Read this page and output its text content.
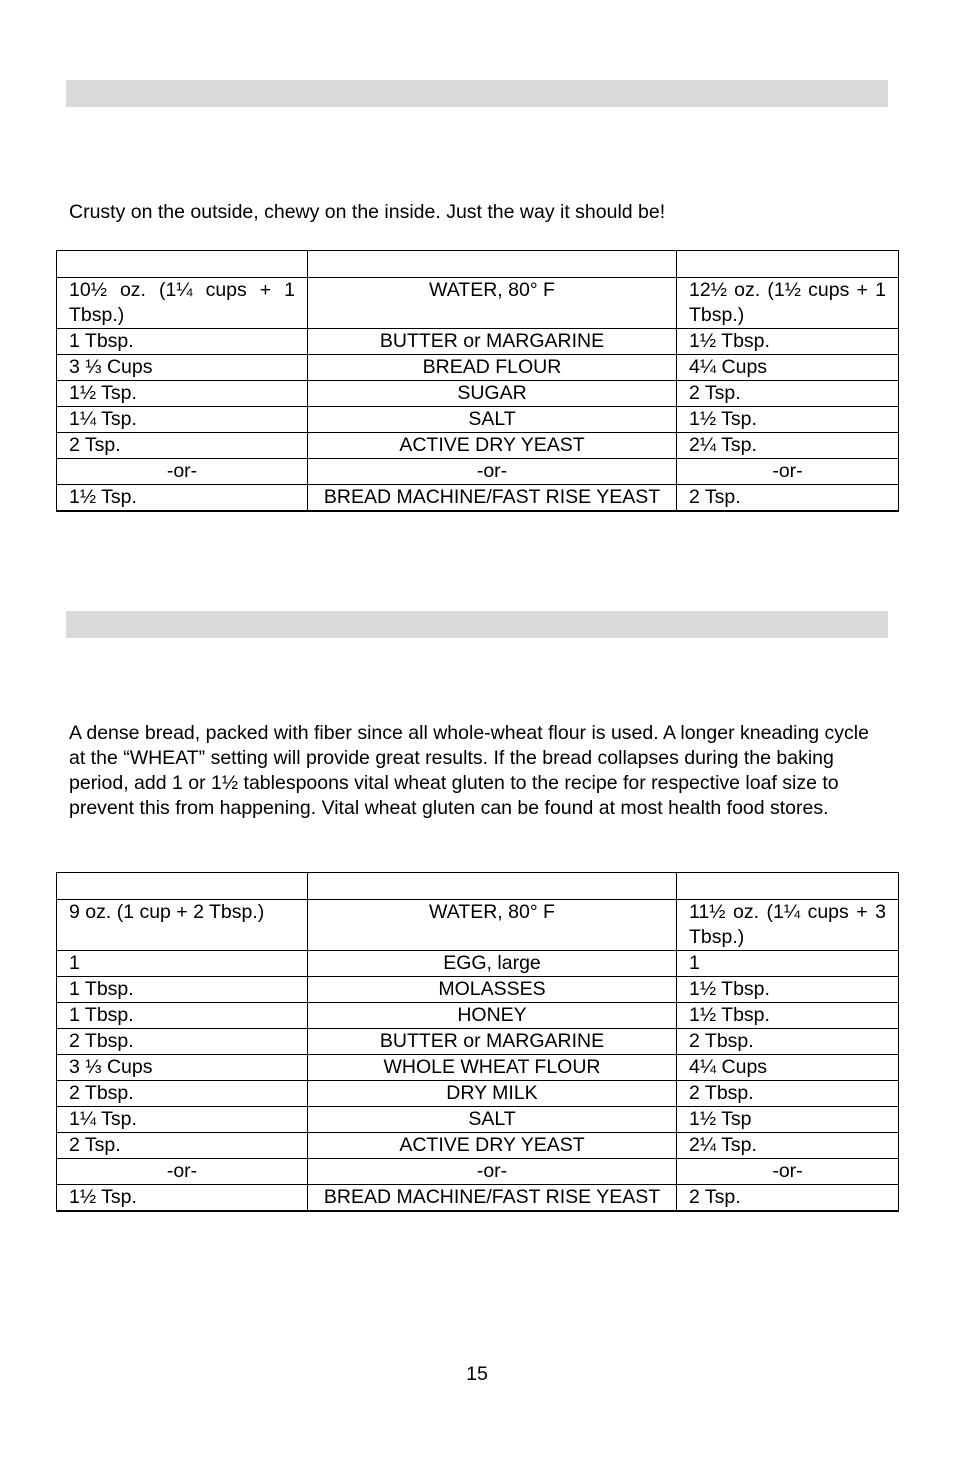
Crusty on the outside, chewy on the inside. Just the way it should be!

10½ oz. (1¼ cups + 1 Tbsp.)	WATER, 80° F	12½ oz. (1½ cups + 1 Tbsp.)
1 Tbsp.	BUTTER or MARGARINE	1½ Tbsp.
3 ⅓ Cups	BREAD FLOUR	4¼ Cups
1½ Tsp.	SUGAR	2 Tsp.
1¼ Tsp.	SALT	1½ Tsp.
2 Tsp.	ACTIVE DRY YEAST	2¼ Tsp.
-or-	-or-	-or-
1½ Tsp.	BREAD MACHINE/FAST RISE YEAST	2 Tsp.

A dense bread, packed with fiber since all whole-wheat flour is used. A longer kneading cycle at the “WHEAT” setting will provide great results. If the bread collapses during the baking period, add 1 or 1½ tablespoons vital wheat gluten to the recipe for respective loaf size to prevent this from happening. Vital wheat gluten can be found at most health food stores.

9 oz. (1 cup + 2 Tbsp.)	WATER, 80° F	11½ oz. (1¼ cups + 3 Tbsp.)
1	EGG, large	1
1 Tbsp.	MOLASSES	1½ Tbsp.
1 Tbsp.	HONEY	1½ Tbsp.
2 Tbsp.	BUTTER or MARGARINE	2 Tbsp.
3 ⅓ Cups	WHOLE WHEAT FLOUR	4¼ Cups
2 Tbsp.	DRY MILK	2 Tbsp.
1¼ Tsp.	SALT	1½ Tsp
2 Tsp.	ACTIVE DRY YEAST	2¼ Tsp.
-or-	-or-	-or-
1½ Tsp.	BREAD MACHINE/FAST RISE YEAST	2 Tsp.
15
